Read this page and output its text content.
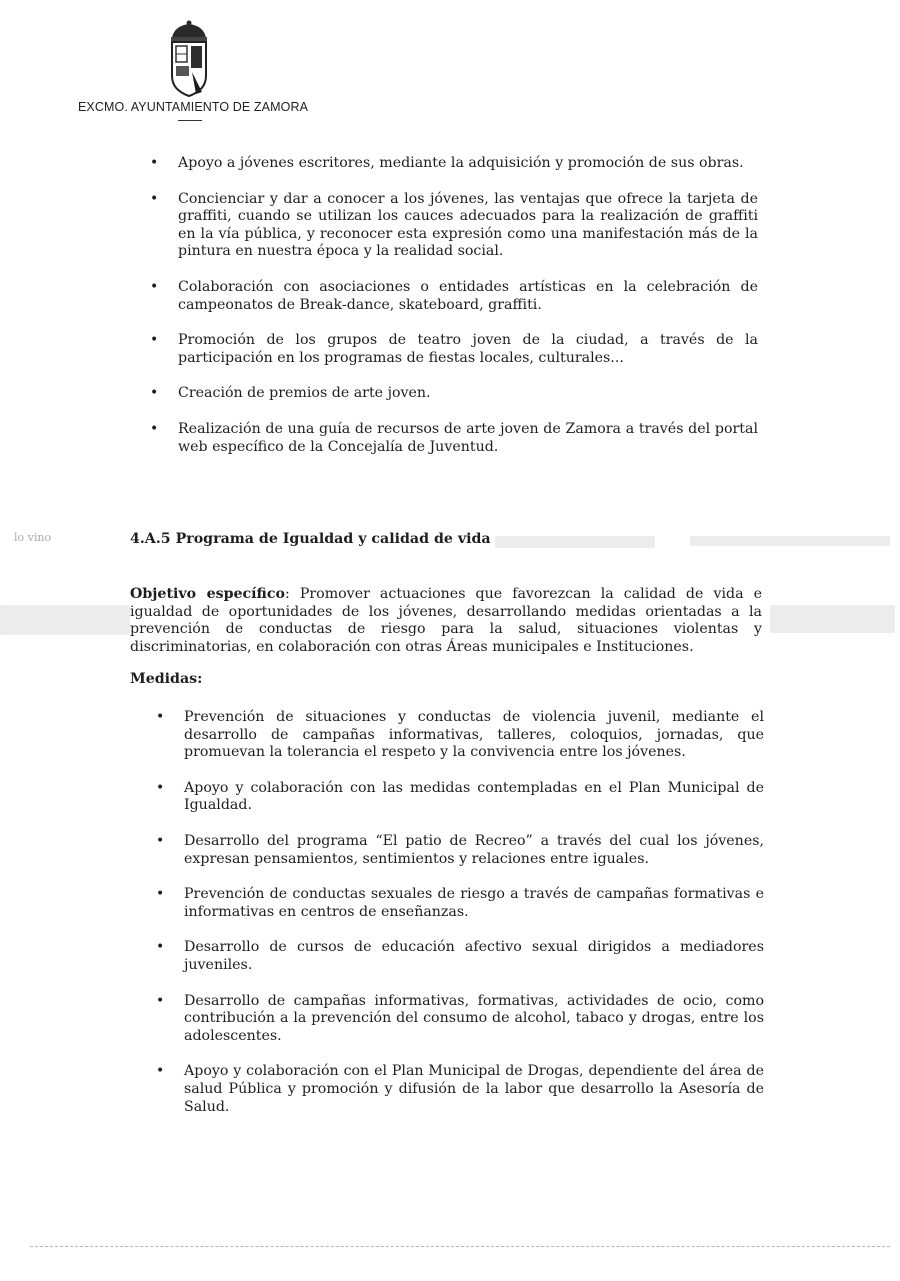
EXCMO. AYUNTAMIENTO DE ZAMORA
•	Apoyo a jóvenes escritores, mediante la adquisición y promoción de sus obras.
•	Concienciar y dar a conocer a los jóvenes, las ventajas que ofrece la tarjeta de graffiti, cuando se utilizan los cauces adecuados para la realización de graffiti en la vía pública, y reconocer esta expresión como una manifestación más de la pintura en nuestra época y la realidad social.
•	Colaboración con asociaciones o entidades artísticas en la celebración de campeonatos de Break-dance, skateboard, graffiti.
•	Promoción de los grupos de teatro joven de la ciudad, a través de la participación en los programas de fiestas locales, culturales...
•	Creación de premios de arte joven.
•	Realización de una guía de recursos de arte joven de Zamora a través del portal web específico de la Concejalía de Juventud.
lo vino	4.A.5 Programa de Igualdad y calidad de vida

Objetivo específico: Promover actuaciones que favorezcan la calidad de vida e igualdad de oportunidades de los jóvenes, desarrollando medidas orientadas a la prevención de conductas de riesgo para la salud, situaciones violentas y discriminatorias, en colaboración con otras Áreas municipales e Instituciones.

Medidas:

•	Prevención de situaciones y conductas de violencia juvenil, mediante el desarrollo de campañas informativas, talleres, coloquios, jornadas, que promuevan la tolerancia el respeto y la convivencia entre los jóvenes.
•	Apoyo y colaboración con las medidas contempladas en el Plan Municipal de Igualdad.
•	Desarrollo del programa “El patio de Recreo” a través del cual los jóvenes, expresan pensamientos, sentimientos y relaciones entre iguales.
•	Prevención de conductas sexuales de riesgo a través de campañas formativas e informativas en centros de enseñanzas.
•	Desarrollo de cursos de educación afectivo sexual dirigidos a mediadores juveniles.
•	Desarrollo de campañas informativas, formativas, actividades de ocio, como contribución a la prevención del consumo de alcohol, tabaco y drogas, entre los adolescentes.
•	Apoyo y colaboración con el Plan Municipal de Drogas, dependiente del área de salud Pública y promoción y difusión de la labor que desarrollo la Asesoría de Salud.
